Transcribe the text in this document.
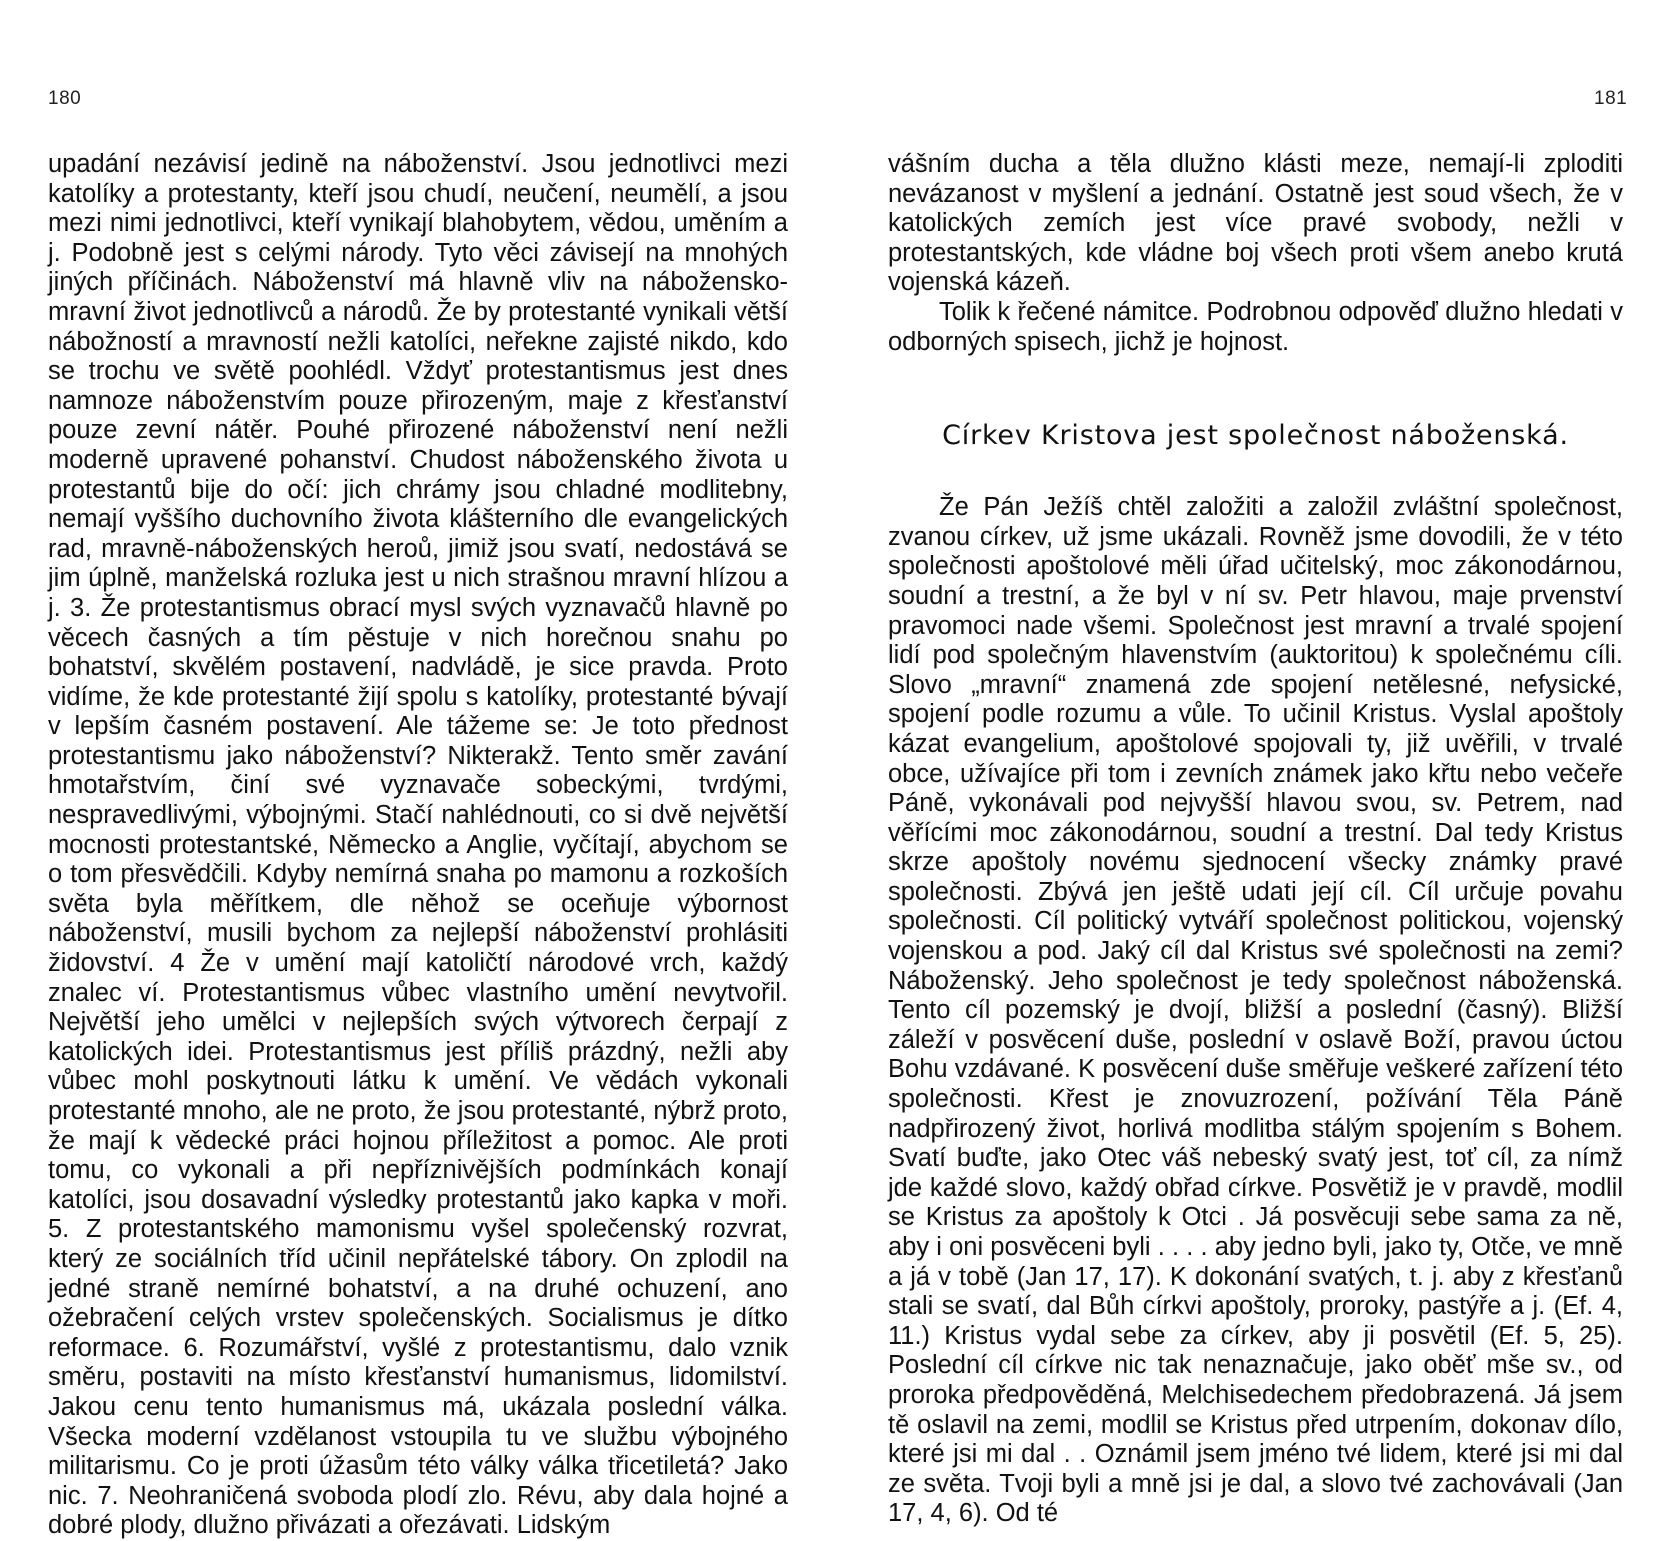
180	181

upadání nezávisí jedině na náboženství. Jsou jednotlivci mezi katolíky a protestanty, kteří jsou chudí, neučení, neumělí, a jsou mezi nimi jednotlivci, kteří vynikají blahobytem, vědou, uměním a j. Podobně jest s celými národy. Tyto věci závisejí na mnohých jiných příčinách. Náboženství má hlavně vliv na nábožensko-mravní život jednotlivců a národů. Že by protestanté vynikali větší nábožností a mravností nežli katolíci, neřekne zajisté nikdo, kdo se trochu ve světě poohlédl. Vždyť protestantismus jest dnes namnoze náboženstvím pouze přirozeným, maje z křesťanství pouze zevní nátěr. Pouhé přirozené náboženství není nežli moderně upravené pohanství. Chudost náboženského života u protestantů bije do očí: jich chrámy jsou chladné modlitebny, nemají vyššího duchovního života klášterního dle evangelických rad, mravně-náboženských heroů, jimiž jsou svatí, nedostává se jim úplně, manželská rozluka jest u nich strašnou mravní hlízou a j. 3. Že protestantismus obrací mysl svých vyznavačů hlavně po věcech časných a tím pěstuje v nich horečnou snahu po bohatství, skvělém postavení, nadvládě, je sice pravda. Proto vidíme, že kde protestanté žijí spolu s katolíky, protestanté bývají v lepším časném postavení. Ale tážeme se: Je toto přednost protestantismu jako náboženství? Nikterakž. Tento směr zavání hmotařstvím, činí své vyznavače sobeckými, tvrdými, nespravedlivými, výbojnými. Stačí nahlédnouti, co si dvě největší mocnosti protestantské, Německo a Anglie, vyčítají, abychom se o tom přesvědčili. Kdyby nemírná snaha po mamonu a rozkoších světa byla měřítkem, dle něhož se oceňuje výbornost náboženství, musili bychom za nejlepší náboženství prohlásiti židovství. 4 Že v umění mají katoličtí národové vrch, každý znalec ví. Protestantismus vůbec vlastního umění nevytvořil. Největší jeho umělci v nejlepších svých výtvorech čerpají z katolických idei. Protestantismus jest příliš prázdný, nežli aby vůbec mohl poskytnouti látku k umění. Ve vědách vykonali protestanté mnoho, ale ne proto, že jsou protestanté, nýbrž proto, že mají k vědecké práci hojnou příležitost a pomoc. Ale proti tomu, co vykonali a při nepříznivějších podmínkách konají katolíci, jsou dosavadní výsledky protestantů jako kapka v moři. 5. Z protestantského mamonismu vyšel společenský rozvrat, který ze sociálních tříd učinil nepřátelské tábory. On zplodil na jedné straně nemírné bohatství, a na druhé ochuzení, ano ožebračení celých vrstev společenských. Socialismus je dítko reformace. 6. Rozumářství, vyšlé z protestantismu, dalo vznik směru, postaviti na místo křesťanství humanismus, lidomilství. Jakou cenu tento humanismus má, ukázala poslední válka. Všecka moderní vzdělanost vstoupila tu ve službu výbojného militarismu. Co je proti úžasům této války válka třicetiletá? Jako nic. 7. Neohraničená svoboda plodí zlo. Révu, aby dala hojné a dobré plody, dlužno přivázati a ořezávati. Lidským

vášním ducha a těla dlužno klásti meze, nemají-li zploditi nevázanost v myšlení a jednání. Ostatně jest soud všech, že v katolických zemích jest více pravé svobody, nežli v protestantských, kde vládne boj všech proti všem anebo krutá vojenská kázeň.

Tolik k řečené námitce. Podrobnou odpověď dlužno hledati v odborných spisech, jichž je hojnost.

Církev Kristova jest společnost náboženská.

Že Pán Ježíš chtěl založiti a založil zvláštní společnost, zvanou církev, už jsme ukázali. Rovněž jsme dovodili, že v této společnosti apoštolové měli úřad učitelský, moc zákonodárnou, soudní a trestní, a že byl v ní sv. Petr hlavou, maje prvenství pravomoci nade všemi. Společnost jest mravní a trvalé spojení lidí pod společným hlavenstvím (auktoritou) k společnému cíli. Slovo „mravní“ znamená zde spojení netělesné, nefysické, spojení podle rozumu a vůle. To učinil Kristus. Vyslal apoštoly kázat evangelium, apoštolové spojovali ty, již uvěřili, v trvalé obce, užívajíce při tom i zevních známek jako křtu nebo večeře Páně, vykonávali pod nejvyšší hlavou svou, sv. Petrem, nad věřícími moc zákonodárnou, soudní a trestní. Dal tedy Kristus skrze apoštoly novému sjednocení všecky známky pravé společnosti. Zbývá jen ještě udati její cíl. Cíl určuje povahu společnosti. Cíl politický vytváří společnost politickou, vojenský vojenskou a pod. Jaký cíl dal Kristus své společnosti na zemi? Náboženský. Jeho společnost je tedy společnost náboženská. Tento cíl pozemský je dvojí, bližší a poslední (časný). Bližší záleží v posvěcení duše, poslední v oslavě Boží, pravou úctou Bohu vzdávané. K posvěcení duše směřuje veškeré zařízení této společnosti. Křest je znovuzrození, požívání Těla Páně nadpřirozený život, horlivá modlitba stálým spojením s Bohem. Svatí buďte, jako Otec váš nebeský svatý jest, toť cíl, za nímž jde každé slovo, každý obřad církve. Posvětiž je v pravdě, modlil se Kristus za apoštoly k Otci . Já posvěcuji sebe sama za ně, aby i oni posvěceni byli . . . . aby jedno byli, jako ty, Otče, ve mně a já v tobě (Jan 17, 17). K dokonání svatých, t. j. aby z křesťanů stali se svatí, dal Bůh církvi apoštoly, proroky, pastýře a j. (Ef. 4, 11.) Kristus vydal sebe za církev, aby ji posvětil (Ef. 5, 25). Poslední cíl církve nic tak nenaznačuje, jako oběť mše sv., od proroka předpověděná, Melchisedechem předobrazená. Já jsem tě oslavil na zemi, modlil se Kristus před utrpením, dokonav dílo, které jsi mi dal . . Oznámil jsem jméno tvé lidem, které jsi mi dal ze světa. Tvoji byli a mně jsi je dal, a slovo tvé zachovávali (Jan 17, 4, 6). Od té
